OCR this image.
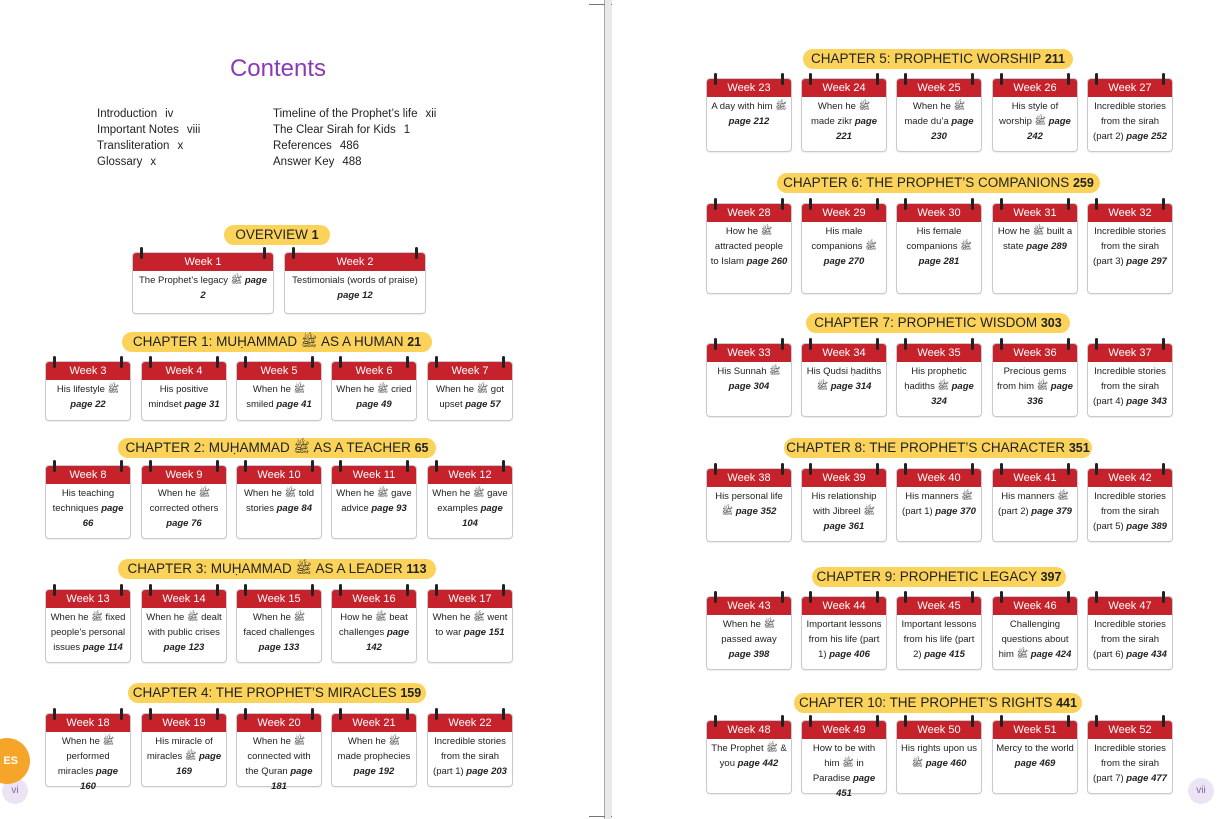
Contents
Introduction iv
Important Notes viii
Transliteration x
Glossary x
Timeline of the Prophet’s life xii
The Clear Sirah for Kids 1
References 486
Answer Key 488
OVERVIEW 1
Week 1
The Prophet’s legacy ﷺ page 2
Week 2
Testimonials (words of praise) page 12
CHAPTER 1: MUḤAMMAD ﷺ AS A HUMAN 21
Week 3
His lifestyle ﷺ page 22
Week 4
His positive mindset page 31
Week 5
When he ﷺ smiled page 41
Week 6
When he ﷺ cried page 49
Week 7
When he ﷺ got upset page 57
CHAPTER 2: MUḤAMMAD ﷺ AS A TEACHER 65
Week 8
His teaching techniques page 66
Week 9
When he ﷺ corrected others page 76
Week 10
When he ﷺ told stories page 84
Week 11
When he ﷺ gave advice page 93
Week 12
When he ﷺ gave examples page 104
CHAPTER 3: MUḤAMMAD ﷺ AS A LEADER 113
Week 13
When he ﷺ fixed people’s personal issues page 114
Week 14
When he ﷺ dealt with public crises page 123
Week 15
When he ﷺ faced challenges page 133
Week 16
How he ﷺ beat challenges page 142
Week 17
When he ﷺ went to war page 151
CHAPTER 4: THE PROPHET’S MIRACLES 159
Week 18
When he ﷺ performed miracles page 160
Week 19
His miracle of miracles ﷺ page 169
Week 20
When he ﷺ connected with the Quran page 181
Week 21
When he ﷺ made prophecies page 192
Week 22
Incredible stories from the sirah (part 1) page 203
vi
ES
CHAPTER 5: PROPHETIC WORSHIP 211
Week 23
A day with him ﷺ page 212
Week 24
When he ﷺ made zikr page 221
Week 25
When he ﷺ made du’a page 230
Week 26
His style of worship ﷺ page 242
Week 27
Incredible stories from the sirah (part 2) page 252
CHAPTER 6: THE PROPHET’S COMPANIONS 259
Week 28
How he ﷺ attracted people to Islam page 260
Week 29
His male companions ﷺ page 270
Week 30
His female companions ﷺ page 281
Week 31
How he ﷺ built a state page 289
Week 32
Incredible stories from the sirah (part 3) page 297
CHAPTER 7: PROPHETIC WISDOM 303
Week 33
His Sunnah ﷺ page 304
Week 34
His Qudsi ḥadiths ﷺ page 314
Week 35
His prophetic ḥadiths ﷺ page 324
Week 36
Precious gems from him ﷺ page 336
Week 37
Incredible stories from the sirah (part 4) page 343
CHAPTER 8: THE PROPHET’S CHARACTER 351
Week 38
His personal life ﷺ page 352
Week 39
His relationship with Jibreel ﷺ page 361
Week 40
His manners ﷺ (part 1) page 370
Week 41
His manners ﷺ (part 2) page 379
Week 42
Incredible stories from the sirah (part 5) page 389
CHAPTER 9: PROPHETIC LEGACY 397
Week 43
When he ﷺ passed away page 398
Week 44
Important lessons from his life (part 1) page 406
Week 45
Important lessons from his life (part 2) page 415
Week 46
Challenging questions about him ﷺ page 424
Week 47
Incredible stories from the sirah (part 6) page 434
CHAPTER 10: THE PROPHET’S RIGHTS 441
Week 48
The Prophet ﷺ & you page 442
Week 49
How to be with him ﷺ in Paradise page 451
Week 50
His rights upon us ﷺ page 460
Week 51
Mercy to the world page 469
Week 52
Incredible stories from the sirah (part 7) page 477
vii
